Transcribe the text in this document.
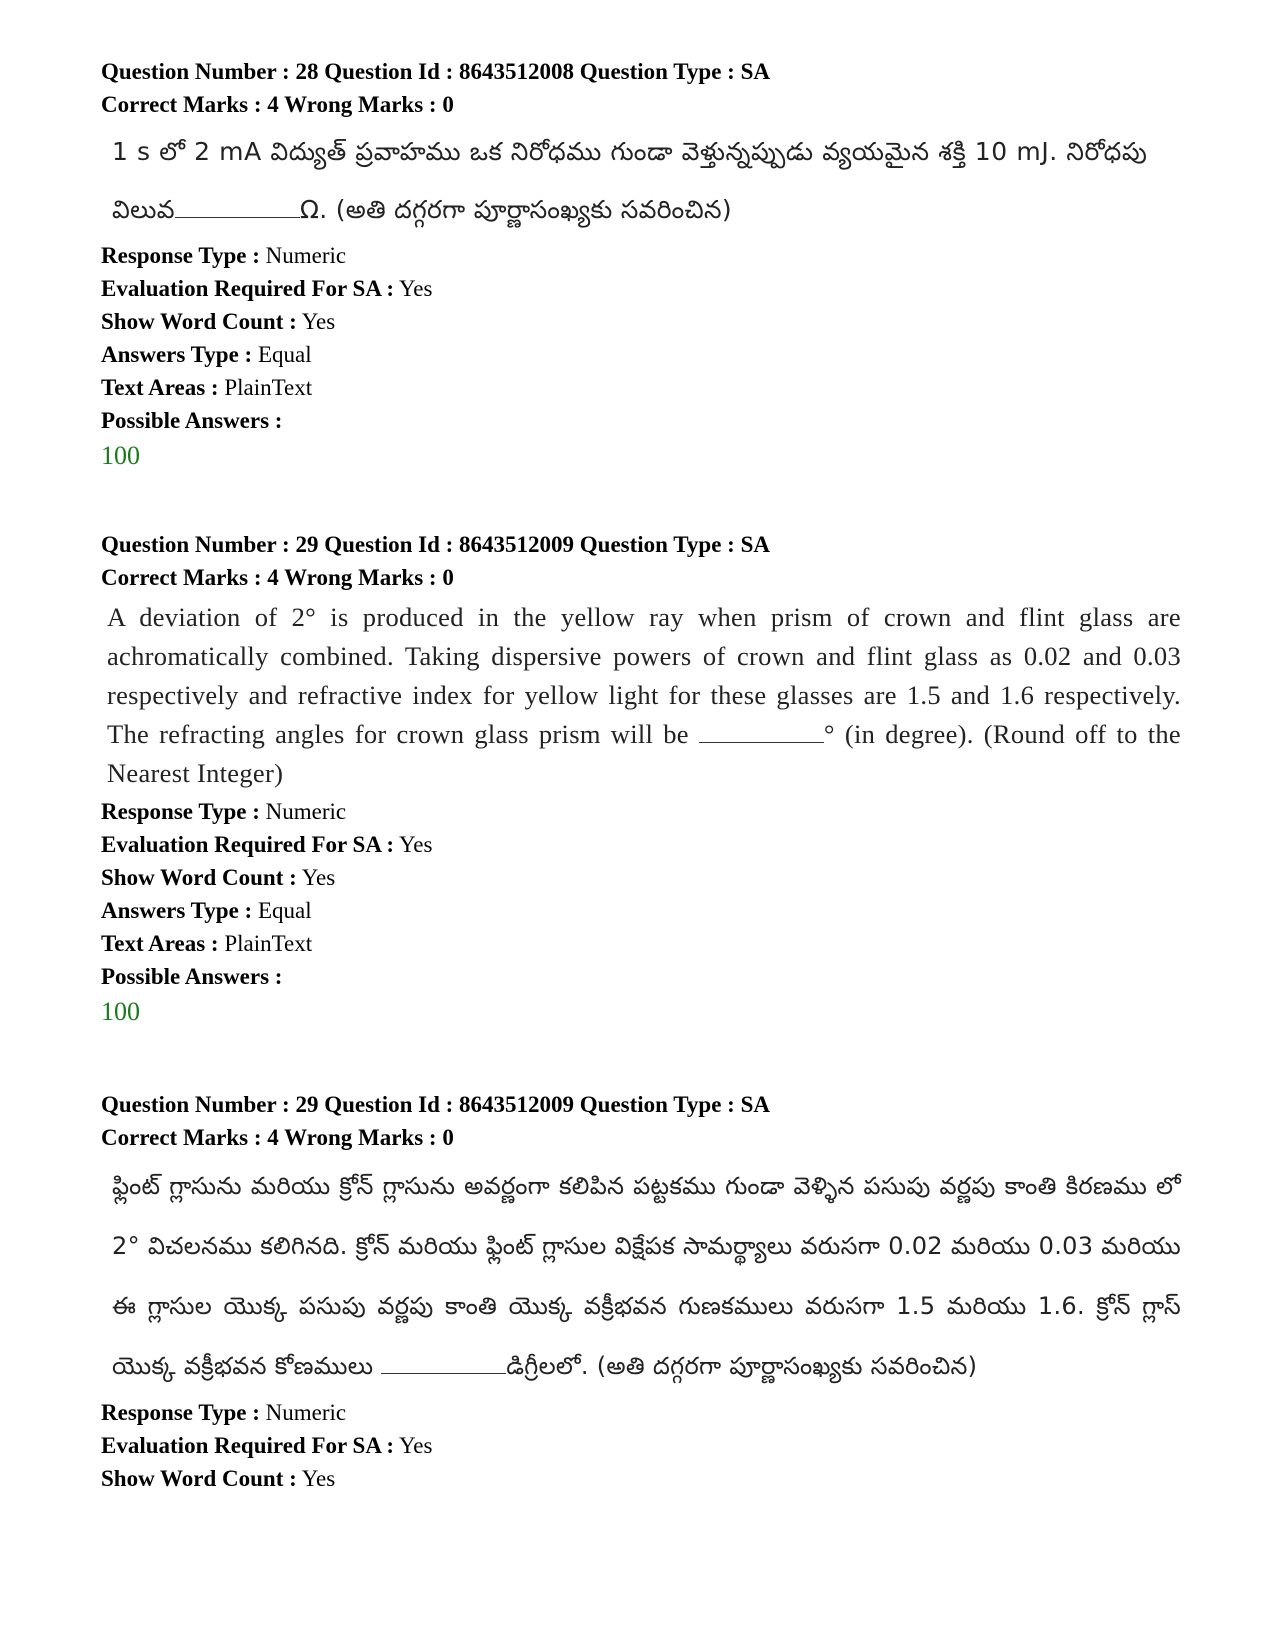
Question Number : 28 Question Id : 8643512008 Question Type : SA
Correct Marks : 4 Wrong Marks : 0
1 s లో 2 mA విద్యుత్ ప్రవాహము ఒక నిరోధము గుండా వెళ్తున్నప్పుడు వ్యయమైన శక్తి 10 mJ. నిరోధపు
విలువ	Ω. (అతి దగ్గరగా పూర్ణాసంఖ్యకు సవరించిన)
Response Type : Numeric
Evaluation Required For SA : Yes
Show Word Count : Yes
Answers Type : Equal
Text Areas : PlainText
Possible Answers :
100
Question Number : 29 Question Id : 8643512009 Question Type : SA
Correct Marks : 4 Wrong Marks : 0
A deviation of 2° is produced in the yellow ray when prism of crown and flint glass are achromatically combined. Taking dispersive powers of crown and flint glass as 0.02 and 0.03 respectively and refractive index for yellow light for these glasses are 1.5 and 1.6 respectively. The refracting angles for crown glass prism will be	° (in degree). (Round off to the Nearest Integer)
Response Type : Numeric
Evaluation Required For SA : Yes
Show Word Count : Yes
Answers Type : Equal
Text Areas : PlainText
Possible Answers :
100
Question Number : 29 Question Id : 8643512009 Question Type : SA
Correct Marks : 4 Wrong Marks : 0
ఫ్లింట్ గ్లాసును మరియు క్రోన్ గ్లాసును అవర్ణంగా కలిపిన పట్టకము గుండా వెళ్ళిన పసుపు వర్ణపు కాంతి కిరణము లో 2° విచలనము కలిగినది. క్రోన్ మరియు ఫ్లింట్ గ్లాసుల విక్షేపక సామర్థ్యాలు వరుసగా 0.02 మరియు 0.03 మరియు ఈ గ్లాసుల యొక్క పసుపు వర్ణపు కాంతి యొక్క వక్రీభవన గుణకములు వరుసగా 1.5 మరియు 1.6. క్రోన్ గ్లాస్ యొక్క వక్రీభవన కోణములు	డిగ్రీలలో. (అతి దగ్గరగా పూర్ణాసంఖ్యకు సవరించిన)
Response Type : Numeric
Evaluation Required For SA : Yes
Show Word Count : Yes
